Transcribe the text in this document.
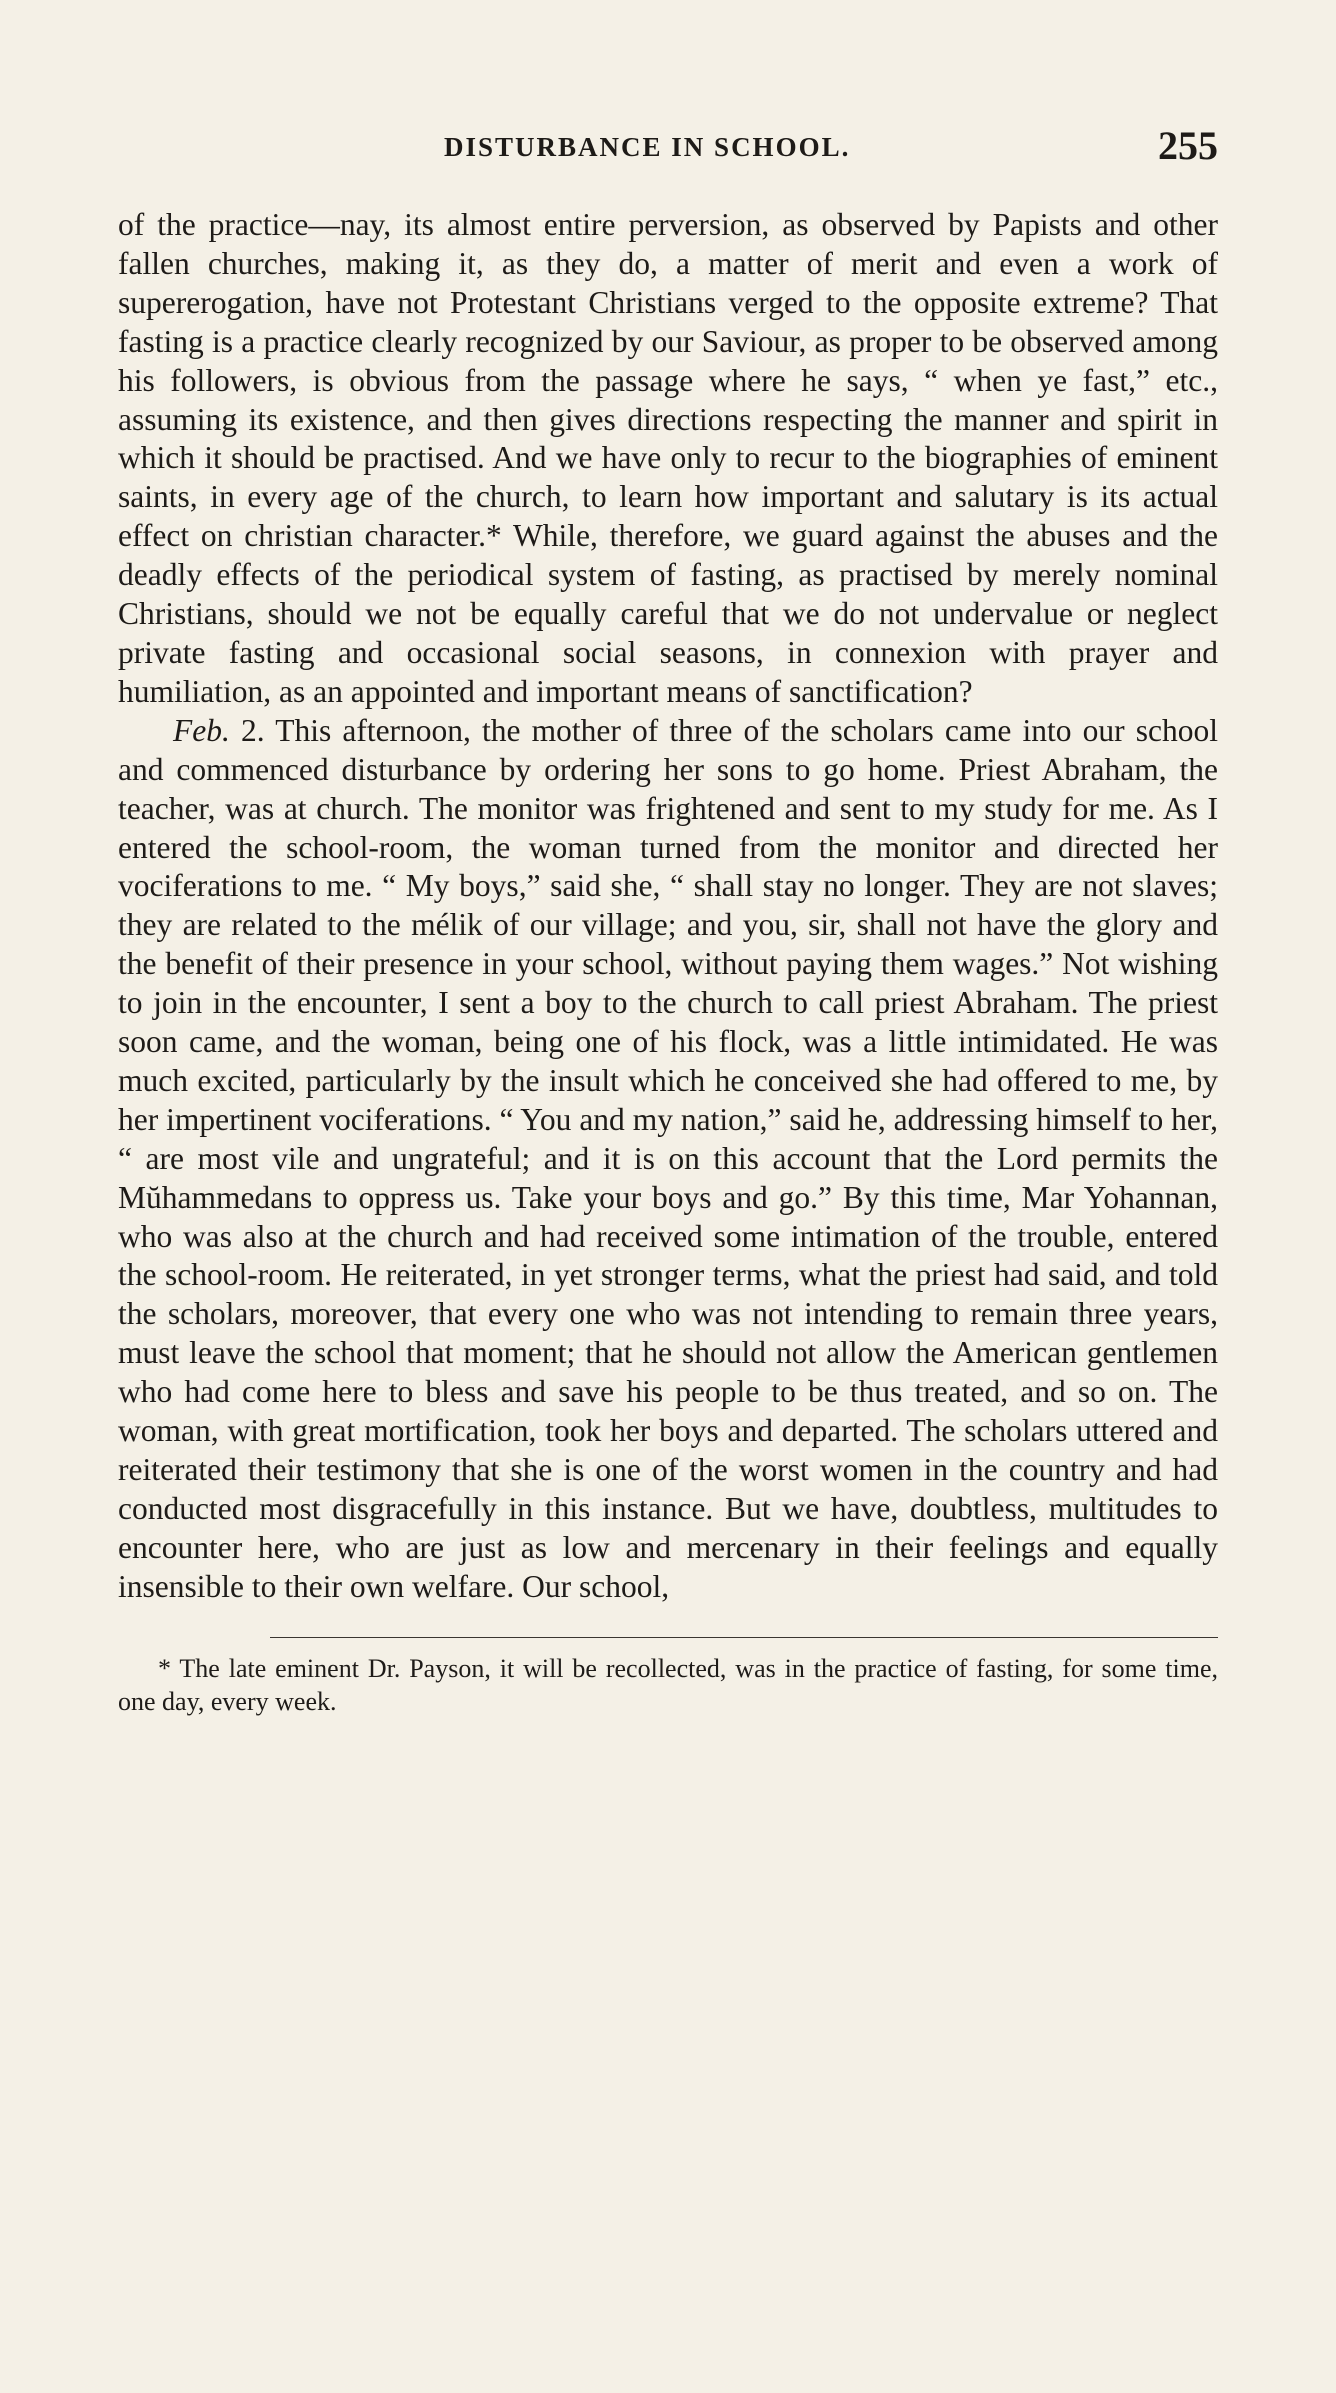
DISTURBANCE IN SCHOOL.	255

of the practice—nay, its almost entire perversion, as observed by Papists and other fallen churches, making it, as they do, a matter of merit and even a work of supererogation, have not Protestant Christians verged to the opposite extreme? That fasting is a practice clearly recognized by our Saviour, as proper to be observed among his followers, is obvious from the passage where he says, “ when ye fast,” etc., assuming its existence, and then gives directions respecting the manner and spirit in which it should be practised. And we have only to recur to the biographies of eminent saints, in every age of the church, to learn how important and salutary is its actual effect on christian character.* While, therefore, we guard against the abuses and the deadly effects of the periodical system of fasting, as practised by merely nominal Christians, should we not be equally careful that we do not undervalue or neglect private fasting and occasional social seasons, in connexion with prayer and humiliation, as an appointed and important means of sanctification?

Feb. 2. This afternoon, the mother of three of the scholars came into our school and commenced disturbance by ordering her sons to go home. Priest Abraham, the teacher, was at church. The monitor was frightened and sent to my study for me. As I entered the school-room, the woman turned from the monitor and directed her vociferations to me. “ My boys,” said she, “ shall stay no longer. They are not slaves; they are related to the mélik of our village; and you, sir, shall not have the glory and the benefit of their presence in your school, without paying them wages.” Not wishing to join in the encounter, I sent a boy to the church to call priest Abraham. The priest soon came, and the woman, being one of his flock, was a little intimidated. He was much excited, particularly by the insult which he conceived she had offered to me, by her impertinent vociferations. “ You and my nation,” said he, addressing himself to her, “ are most vile and ungrateful; and it is on this account that the Lord permits the Mŭhammedans to oppress us. Take your boys and go.” By this time, Mar Yohannan, who was also at the church and had received some intimation of the trouble, entered the school-room. He reiterated, in yet stronger terms, what the priest had said, and told the scholars, moreover, that every one who was not intending to remain three years, must leave the school that moment; that he should not allow the American gentlemen who had come here to bless and save his people to be thus treated, and so on. The woman, with great mortification, took her boys and departed. The scholars uttered and reiterated their testimony that she is one of the worst women in the country and had conducted most disgracefully in this instance. But we have, doubtless, multitudes to encounter here, who are just as low and mercenary in their feelings and equally insensible to their own welfare. Our school,

* The late eminent Dr. Payson, it will be recollected, was in the practice of fasting, for some time, one day, every week.
